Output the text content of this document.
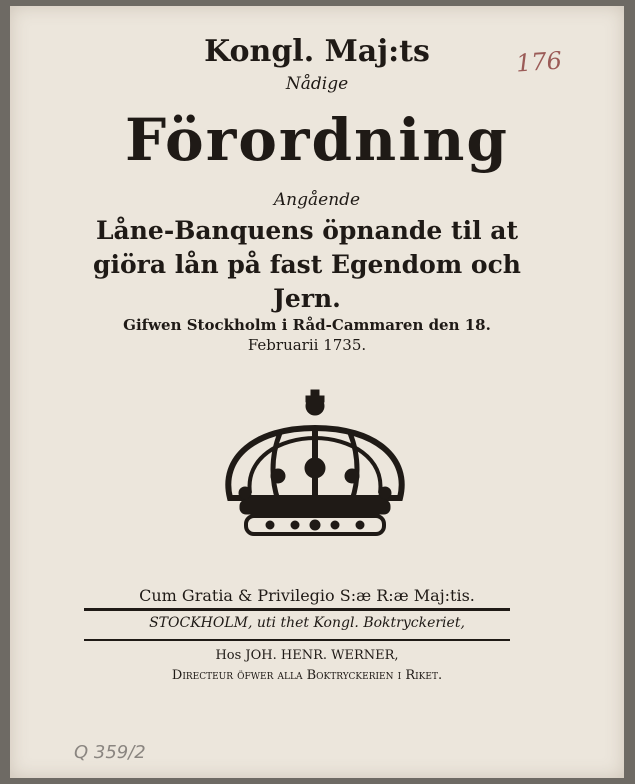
Kongl. Maj:ts
Nådige
Förordning
Angående
Låne-Banquens öpnande til at
giöra lån på fast Egendom och
Jern.
Gifwen Stockholm i Råd-Cammaren den 18.
Februarii 1735.
Cum Gratia & Privilegio S:æ R:æ Maj:tis.
STOCKHOLM, uti thet Kongl. Boktryckeriet,
Hos JOH. HENR. WERNER,
Directeur öfwer alla Boktryckerien i Riket.
176
Q 359/2
